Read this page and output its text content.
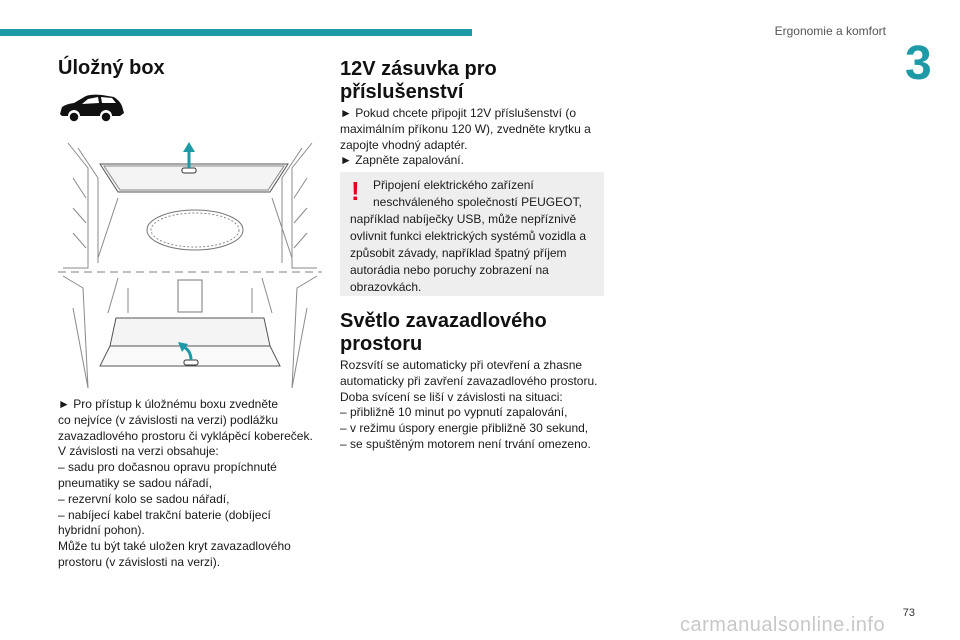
Ergonomie a komfort
3
Úložný box
► Pro přístup k úložnému boxu zvedněte
co nejvíce (v závislosti na verzi) podlážku
zavazadlového prostoru či vyklápěcí kobereček.
V závislosti na verzi obsahuje:
– sadu pro dočasnou opravu propíchnuté
pneumatiky se sadou nářadí,
– rezervní kolo se sadou nářadí,
– nabíjecí kabel trakční baterie (dobíjecí
hybridní pohon).
Může tu být také uložen kryt zavazadlového
prostoru (v závislosti na verzi).
12V zásuvka pro
příslušenství
► Pokud chcete připojit 12V příslušenství (o
maximálním příkonu 120 W), zvedněte krytku a
zapojte vhodný adaptér.
► Zapněte zapalování.
!	Připojení elektrického zařízení
neschváleného společností PEUGEOT,
například nabíječky USB, může nepříznivě
ovlivnit funkci elektrických systémů vozidla a
způsobit závady, například špatný příjem
autorádia nebo poruchy zobrazení na
obrazovkách.
Světlo zavazadlového
prostoru
Rozsvítí se automaticky při otevření a zhasne
automaticky při zavření zavazadlového prostoru.
Doba svícení se liší v závislosti na situaci:
– přibližně 10 minut po vypnutí zapalování,
– v režimu úspory energie přibližně 30 sekund,
– se spuštěným motorem není trvání omezeno.
73
carmanualsonline.info
